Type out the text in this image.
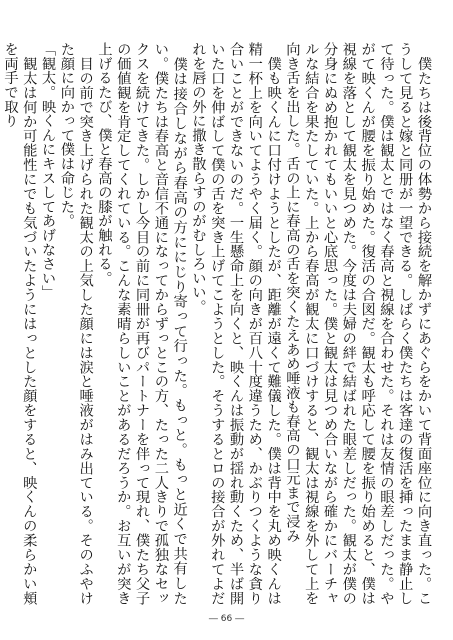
　僕たちは後背位の体勢から接続を解かずにあぐらをかいて背面座位に向き直った。こうして見ると嫁と同册が一望できる。しばらく僕たちは客達の復活を挿ったまま静止して待った。僕は観太とではなく春高と視線を合わせた。それは友情の眼差しだった。やがて映くんが腰を振り始めた。復活の合図だ。観太も呼応して腰を振り始めると、僕は視線を落として観太を見つめた。今度は夫婦の絆で結ばれた眼差しだった。観太が僕の分身にぬめ抱かれてもいいと心底思った。僕と観太は見つめ合いながら確かにバーチャルな結合を果たしていた。上から春高が観太に口づけすると、観太は視線を外して上を向き舌を出した。舌の上に春高の舌を突くたえあめ唾液も春高の口元まで浸み

　僕も映くんに口付けようとしたが、距離が遠くて難儀した。僕は背中を丸め映くんは精一杯上を向いてようやく届く。顔の向きが百八十度違うため、かぶりつくような貪り合いことができないのだ。一生懸命上を向くと、映くんは振動が揺れ動くため、半ば開いた口を伸ばして僕の舌を突き上げてこようとした。そうするとロの接合が外れてよだれを唇の外に撒き散らすのがむしろいい。

　僕は接合しながら春高の方ににじり寄って行った。もっと。もっと近くで共有したい。僕たちは春高と音信不通になってからずっとこの方、たった二人きりで孤独なセックスを続けてきた。しかし今目の前に同卌が再びパートナーを伴って現れ、僕たち父子の価値観を肯定してくれている。こんな素晴らしいことがあるだろうか。お互いが突き上げるたび、僕と春高の膝が触れる。

　目の前で突き上げられた観太の上気した顔には涙と唾液がはみ出ている。そのふやけた顔に向かって僕は命じた。

「観太。映くんにキスしてあげなさい」

　観太は何か可能性にでも気づいたようにはっとした顔をすると、映くんの柔らかい頬を両手で取り

― 66 ―
